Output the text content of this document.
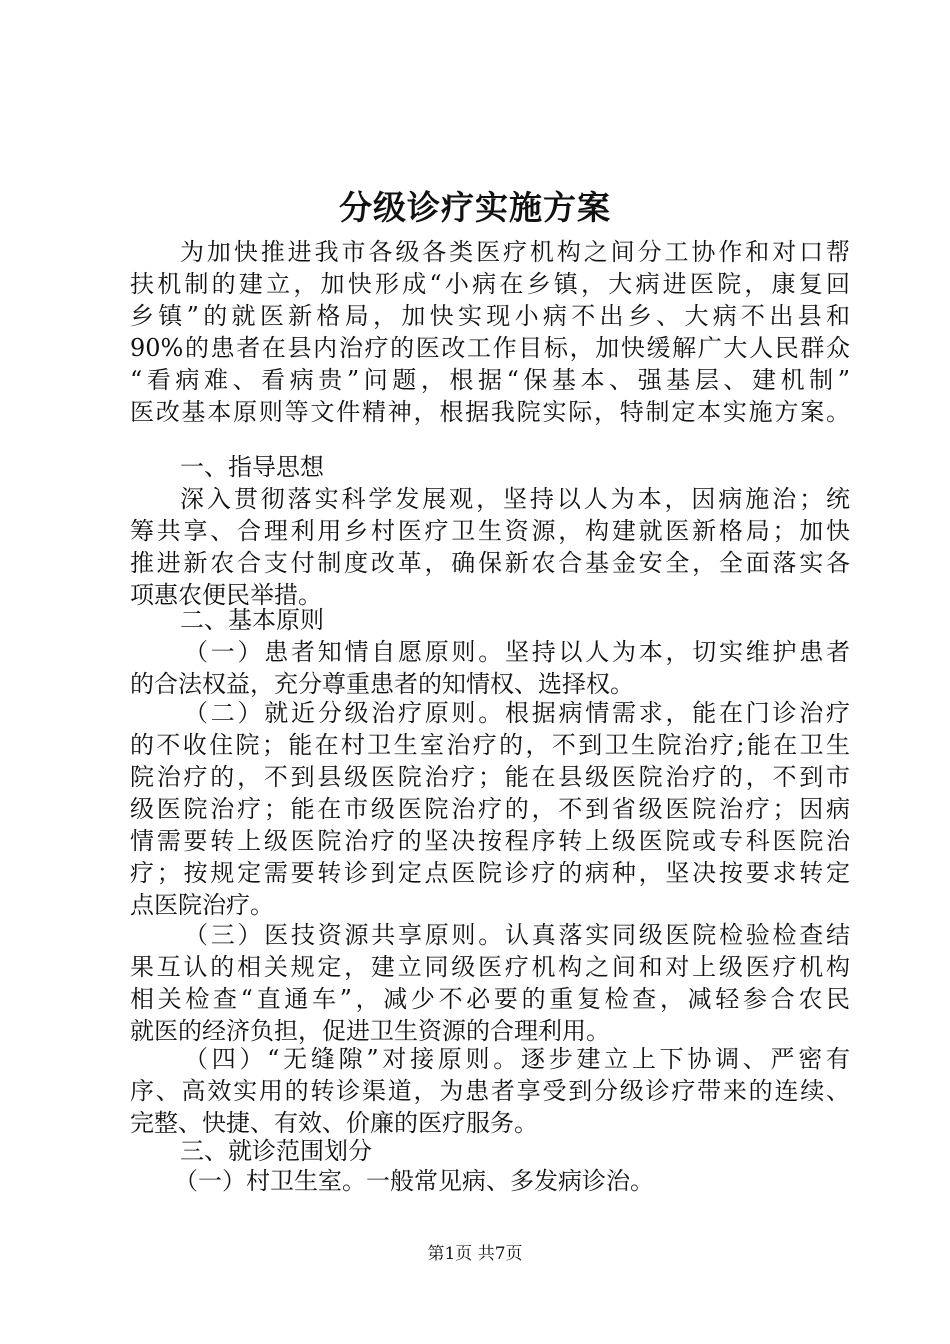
分级诊疗实施方案

为加快推进我市各级各类医疗机构之间分工协作和对口帮

扶机制的建立，加快形成“小病在乡镇，大病进医院，康复回

乡镇”的就医新格局，加快实现小病不出乡、大病不出县和

90%的患者在县内治疗的医改工作目标，加快缓解广大人民群众

“看病难、看病贵”问题，根据“保基本、强基层、建机制”

医改基本原则等文件精神，根据我院实际，特制定本实施方案。

一、指导思想

深入贯彻落实科学发展观，坚持以人为本，因病施治；统

筹共享、合理利用乡村医疗卫生资源，构建就医新格局；加快

推进新农合支付制度改革，确保新农合基金安全，全面落实各

项惠农便民举措。

二、基本原则

（一）患者知情自愿原则。坚持以人为本，切实维护患者

的合法权益，充分尊重患者的知情权、选择权。

（二）就近分级治疗原则。根据病情需求，能在门诊治疗

的不收住院；能在村卫生室治疗的，不到卫生院治疗;能在卫生

院治疗的，不到县级医院治疗；能在县级医院治疗的，不到市

级医院治疗；能在市级医院治疗的，不到省级医院治疗；因病

情需要转上级医院治疗的坚决按程序转上级医院或专科医院治

疗；按规定需要转诊到定点医院诊疗的病种，坚决按要求转定

点医院治疗。

（三）医技资源共享原则。认真落实同级医院检验检查结

果互认的相关规定，建立同级医疗机构之间和对上级医疗机构

相关检查“直通车”，减少不必要的重复检查，减轻参合农民

就医的经济负担，促进卫生资源的合理利用。

（四）“无缝隙”对接原则。逐步建立上下协调、严密有

序、高效实用的转诊渠道，为患者享受到分级诊疗带来的连续、

完整、快捷、有效、价廉的医疗服务。

三、就诊范围划分

（一）村卫生室。一般常见病、多发病诊治。

第1页 共7页
